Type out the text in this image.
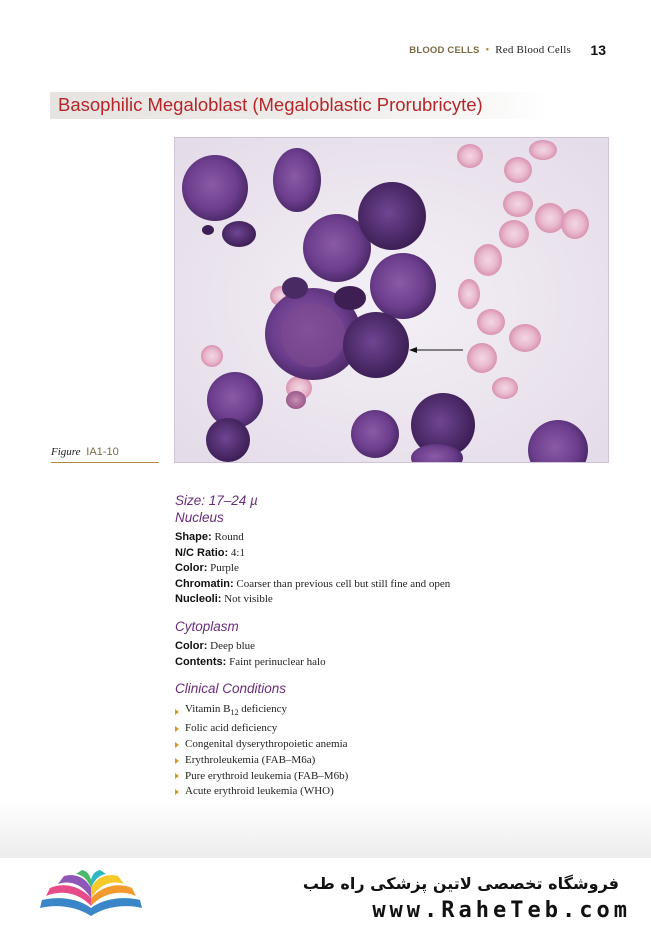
BLOOD CELLS • Red Blood Cells 13
Basophilic Megaloblast (Megaloblastic Prorubricyte)
Figure IA1-10
Size: 17–24 µ
Nucleus
Shape: Round
N/C Ratio: 4:1
Color: Purple
Chromatin: Coarser than previous cell but still fine and open
Nucleoli: Not visible
Cytoplasm
Color: Deep blue
Contents: Faint perinuclear halo
Clinical Conditions
Vitamin $B_{12}$ deficiency
Folic acid deficiency
Congenital dyserythropoietic anemia
Erythroleukemia (FAB–M6a)
Pure erythroid leukemia (FAB–M6b)
Acute erythroid leukemia (WHO)
فروشگاه تخصصی لاتین پزشکی راه طب
www.RaheTeb.com
